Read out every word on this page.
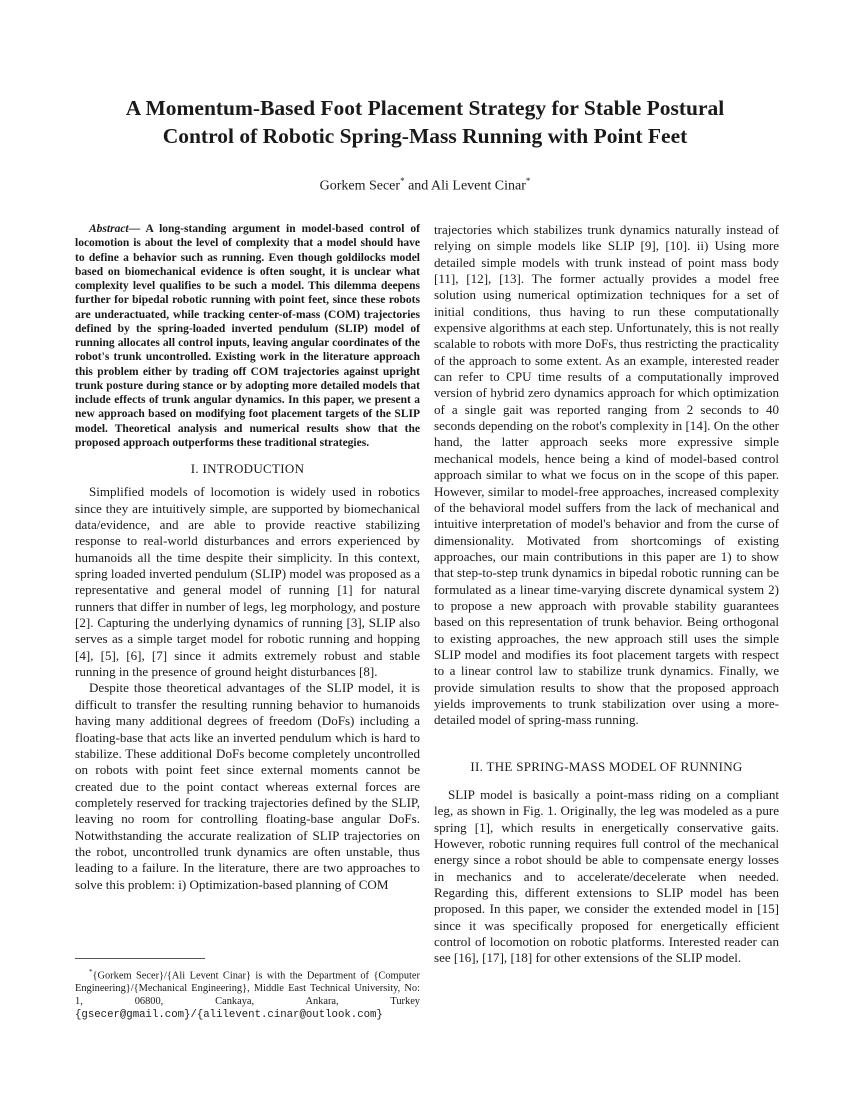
A Momentum-Based Foot Placement Strategy for Stable Postural
Control of Robotic Spring-Mass Running with Point Feet
Gorkem Secer* and Ali Levent Cinar*

Abstract— A long-standing argument in model-based control of locomotion is about the level of complexity that a model should have to define a behavior such as running. Even though goldilocks model based on biomechanical evidence is often sought, it is unclear what complexity level qualifies to be such a model. This dilemma deepens further for bipedal robotic running with point feet, since these robots are underactuated, while tracking center-of-mass (COM) trajectories defined by the spring-loaded inverted pendulum (SLIP) model of running allocates all control inputs, leaving angular coordinates of the robot's trunk uncontrolled. Existing work in the literature approach this problem either by trading off COM trajectories against upright trunk posture during stance or by adopting more detailed models that include effects of trunk angular dynamics. In this paper, we present a new approach based on modifying foot placement targets of the SLIP model. Theoretical analysis and numerical results show that the proposed approach outperforms these traditional strategies.

I. INTRODUCTION

Simplified models of locomotion is widely used in robotics since they are intuitively simple, are supported by biomechanical data/evidence, and are able to provide reactive stabilizing response to real-world disturbances and errors experienced by humanoids all the time despite their simplicity. In this context, spring loaded inverted pendulum (SLIP) model was proposed as a representative and general model of running [1] for natural runners that differ in number of legs, leg morphology, and posture [2]. Capturing the underlying dynamics of running [3], SLIP also serves as a simple target model for robotic running and hopping [4], [5], [6], [7] since it admits extremely robust and stable running in the presence of ground height disturbances [8].

Despite those theoretical advantages of the SLIP model, it is difficult to transfer the resulting running behavior to humanoids having many additional degrees of freedom (DoFs) including a floating-base that acts like an inverted pendulum which is hard to stabilize. These additional DoFs become completely uncontrolled on robots with point feet since external moments cannot be created due to the point contact whereas external forces are completely reserved for tracking trajectories defined by the SLIP, leaving no room for controlling floating-base angular DoFs. Notwithstanding the accurate realization of SLIP trajectories on the robot, uncontrolled trunk dynamics are often unstable, thus leading to a failure. In the literature, there are two approaches to solve this problem: i) Optimization-based planning of COM

trajectories which stabilizes trunk dynamics naturally instead of relying on simple models like SLIP [9], [10]. ii) Using more detailed simple models with trunk instead of point mass body [11], [12], [13]. The former actually provides a model free solution using numerical optimization techniques for a set of initial conditions, thus having to run these computationally expensive algorithms at each step. Unfortunately, this is not really scalable to robots with more DoFs, thus restricting the practicality of the approach to some extent. As an example, interested reader can refer to CPU time results of a computationally improved version of hybrid zero dynamics approach for which optimization of a single gait was reported ranging from 2 seconds to 40 seconds depending on the robot's complexity in [14]. On the other hand, the latter approach seeks more expressive simple mechanical models, hence being a kind of model-based control approach similar to what we focus on in the scope of this paper. However, similar to model-free approaches, increased complexity of the behavioral model suffers from the lack of mechanical and intuitive interpretation of model's behavior and from the curse of dimensionality. Motivated from shortcomings of existing approaches, our main contributions in this paper are 1) to show that step-to-step trunk dynamics in bipedal robotic running can be formulated as a linear time-varying discrete dynamical system 2) to propose a new approach with provable stability guarantees based on this representation of trunk behavior. Being orthogonal to existing approaches, the new approach still uses the simple SLIP model and modifies its foot placement targets with respect to a linear control law to stabilize trunk dynamics. Finally, we provide simulation results to show that the proposed approach yields improvements to trunk stabilization over using a more-detailed model of spring-mass running.

II. THE SPRING-MASS MODEL OF RUNNING

SLIP model is basically a point-mass riding on a compliant leg, as shown in Fig. 1. Originally, the leg was modeled as a pure spring [1], which results in energetically conservative gaits. However, robotic running requires full control of the mechanical energy since a robot should be able to compensate energy losses in mechanics and to accelerate/decelerate when needed. Regarding this, different extensions to SLIP model has been proposed. In this paper, we consider the extended model in [15] since it was specifically proposed for energetically efficient control of locomotion on robotic platforms. Interested reader can see [16], [17], [18] for other extensions of the SLIP model.

*{Gorkem Secer}/{Ali Levent Cinar} is with the Department of {Computer Engineering}/{Mechanical Engineering}, Middle East Technical University, No: 1, 06800, Cankaya, Ankara, Turkey {gsecer@gmail.com}/{alilevent.cinar@outlook.com}
